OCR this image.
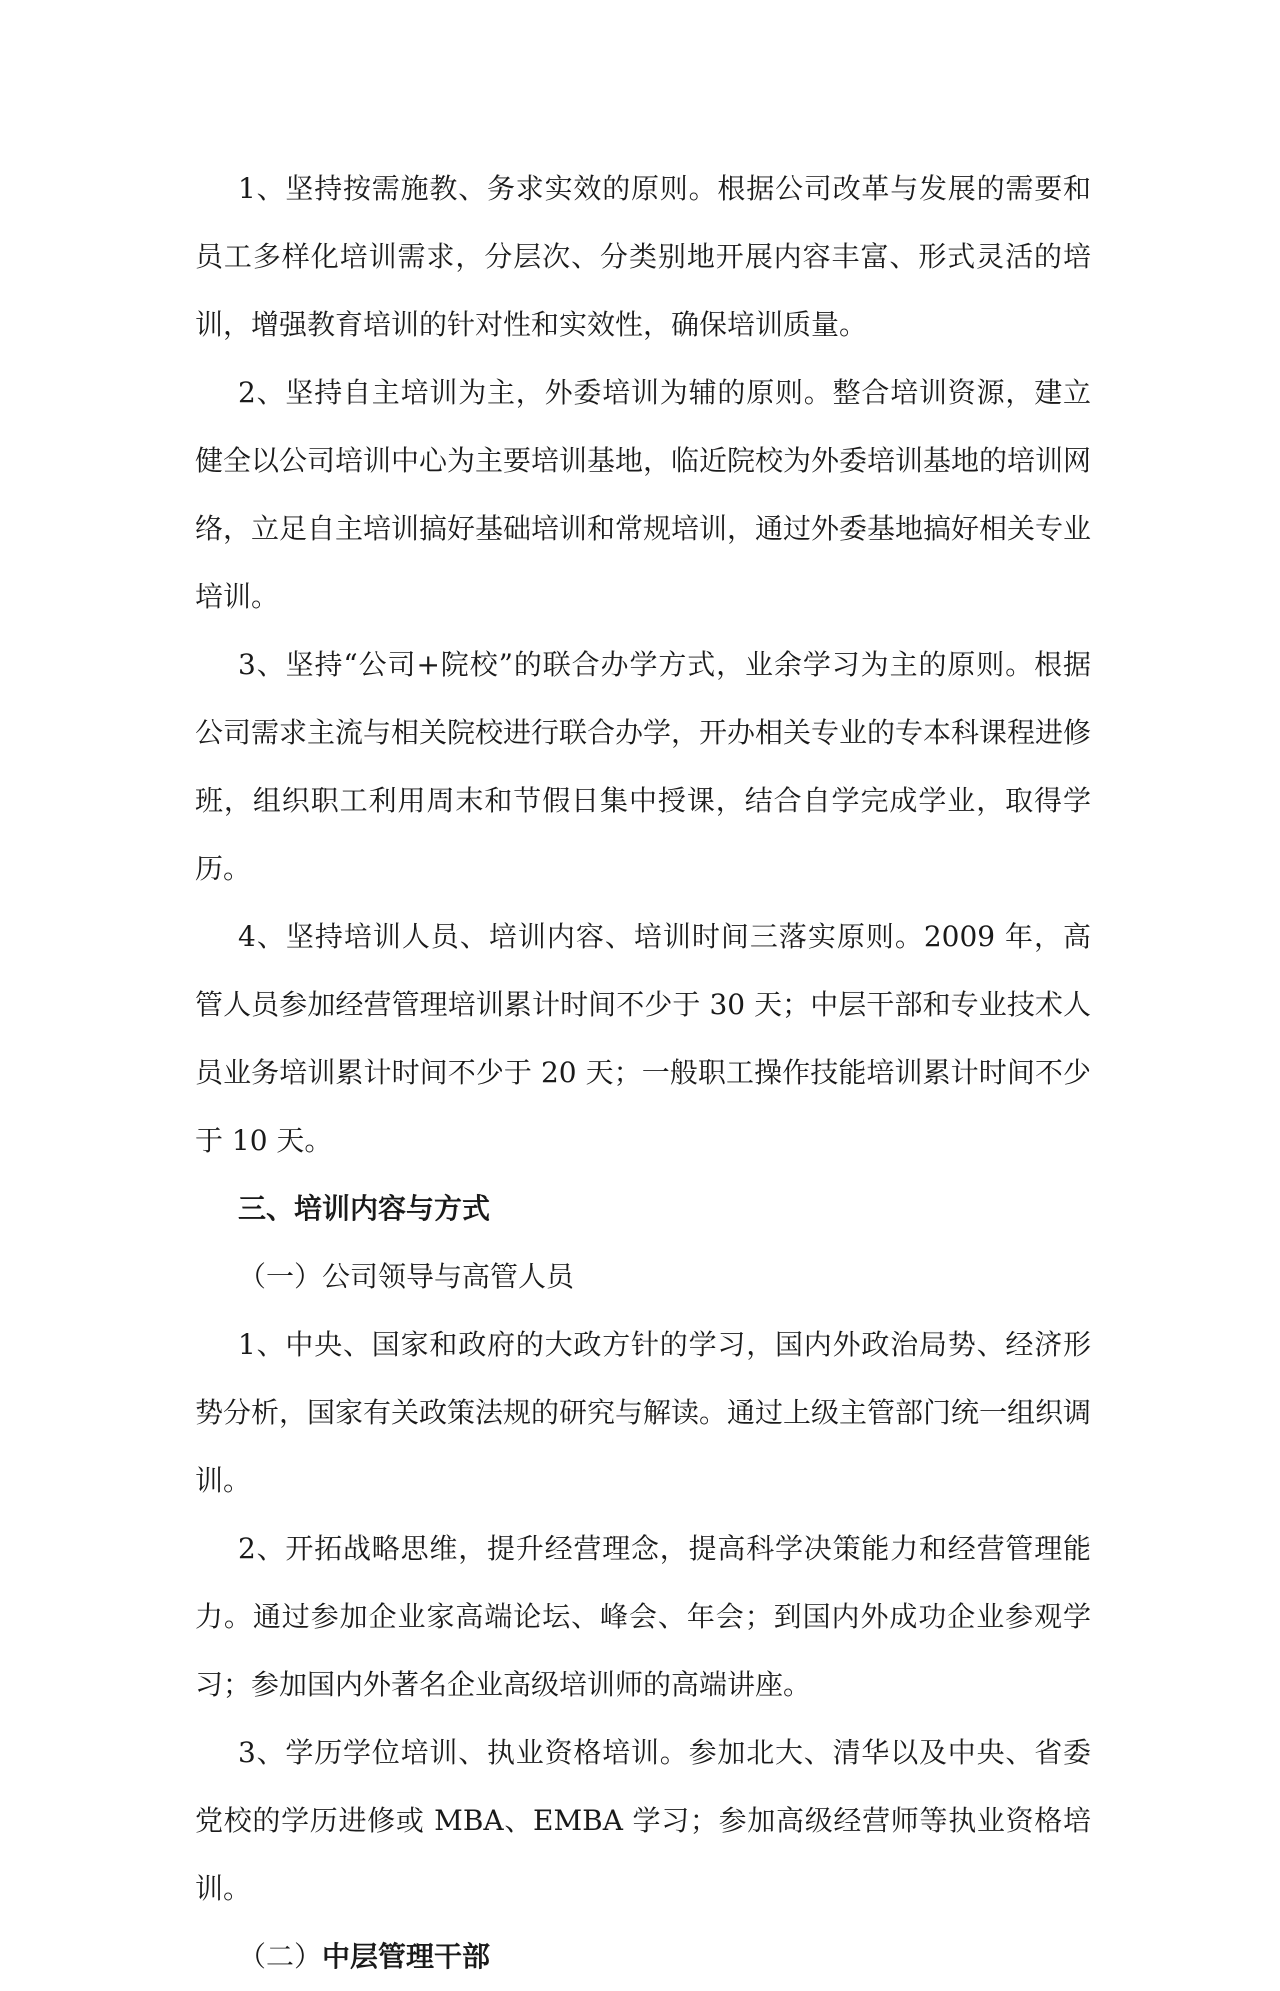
1、坚持按需施教、务求实效的原则。根据公司改革与发展的需要和员工多样化培训需求，分层次、分类别地开展内容丰富、形式灵活的培训，增强教育培训的针对性和实效性，确保培训质量。

2、坚持自主培训为主，外委培训为辅的原则。整合培训资源，建立健全以公司培训中心为主要培训基地，临近院校为外委培训基地的培训网络，立足自主培训搞好基础培训和常规培训，通过外委基地搞好相关专业培训。

3、坚持“公司+院校”的联合办学方式，业余学习为主的原则。根据公司需求主流与相关院校进行联合办学，开办相关专业的专本科课程进修班，组织职工利用周末和节假日集中授课，结合自学完成学业，取得学历。

4、坚持培训人员、培训内容、培训时间三落实原则。2009 年，高管人员参加经营管理培训累计时间不少于 30 天；中层干部和专业技术人员业务培训累计时间不少于 20 天；一般职工操作技能培训累计时间不少于 10 天。

三、培训内容与方式

（一）公司领导与高管人员

1、中央、国家和政府的大政方针的学习，国内外政治局势、经济形势分析，国家有关政策法规的研究与解读。通过上级主管部门统一组织调训。

2、开拓战略思维，提升经营理念，提高科学决策能力和经营管理能力。通过参加企业家高端论坛、峰会、年会；到国内外成功企业参观学习；参加国内外著名企业高级培训师的高端讲座。

3、学历学位培训、执业资格培训。参加北大、清华以及中央、省委党校的学历进修或 MBA、EMBA 学习；参加高级经营师等执业资格培训。

（二）中层管理干部
